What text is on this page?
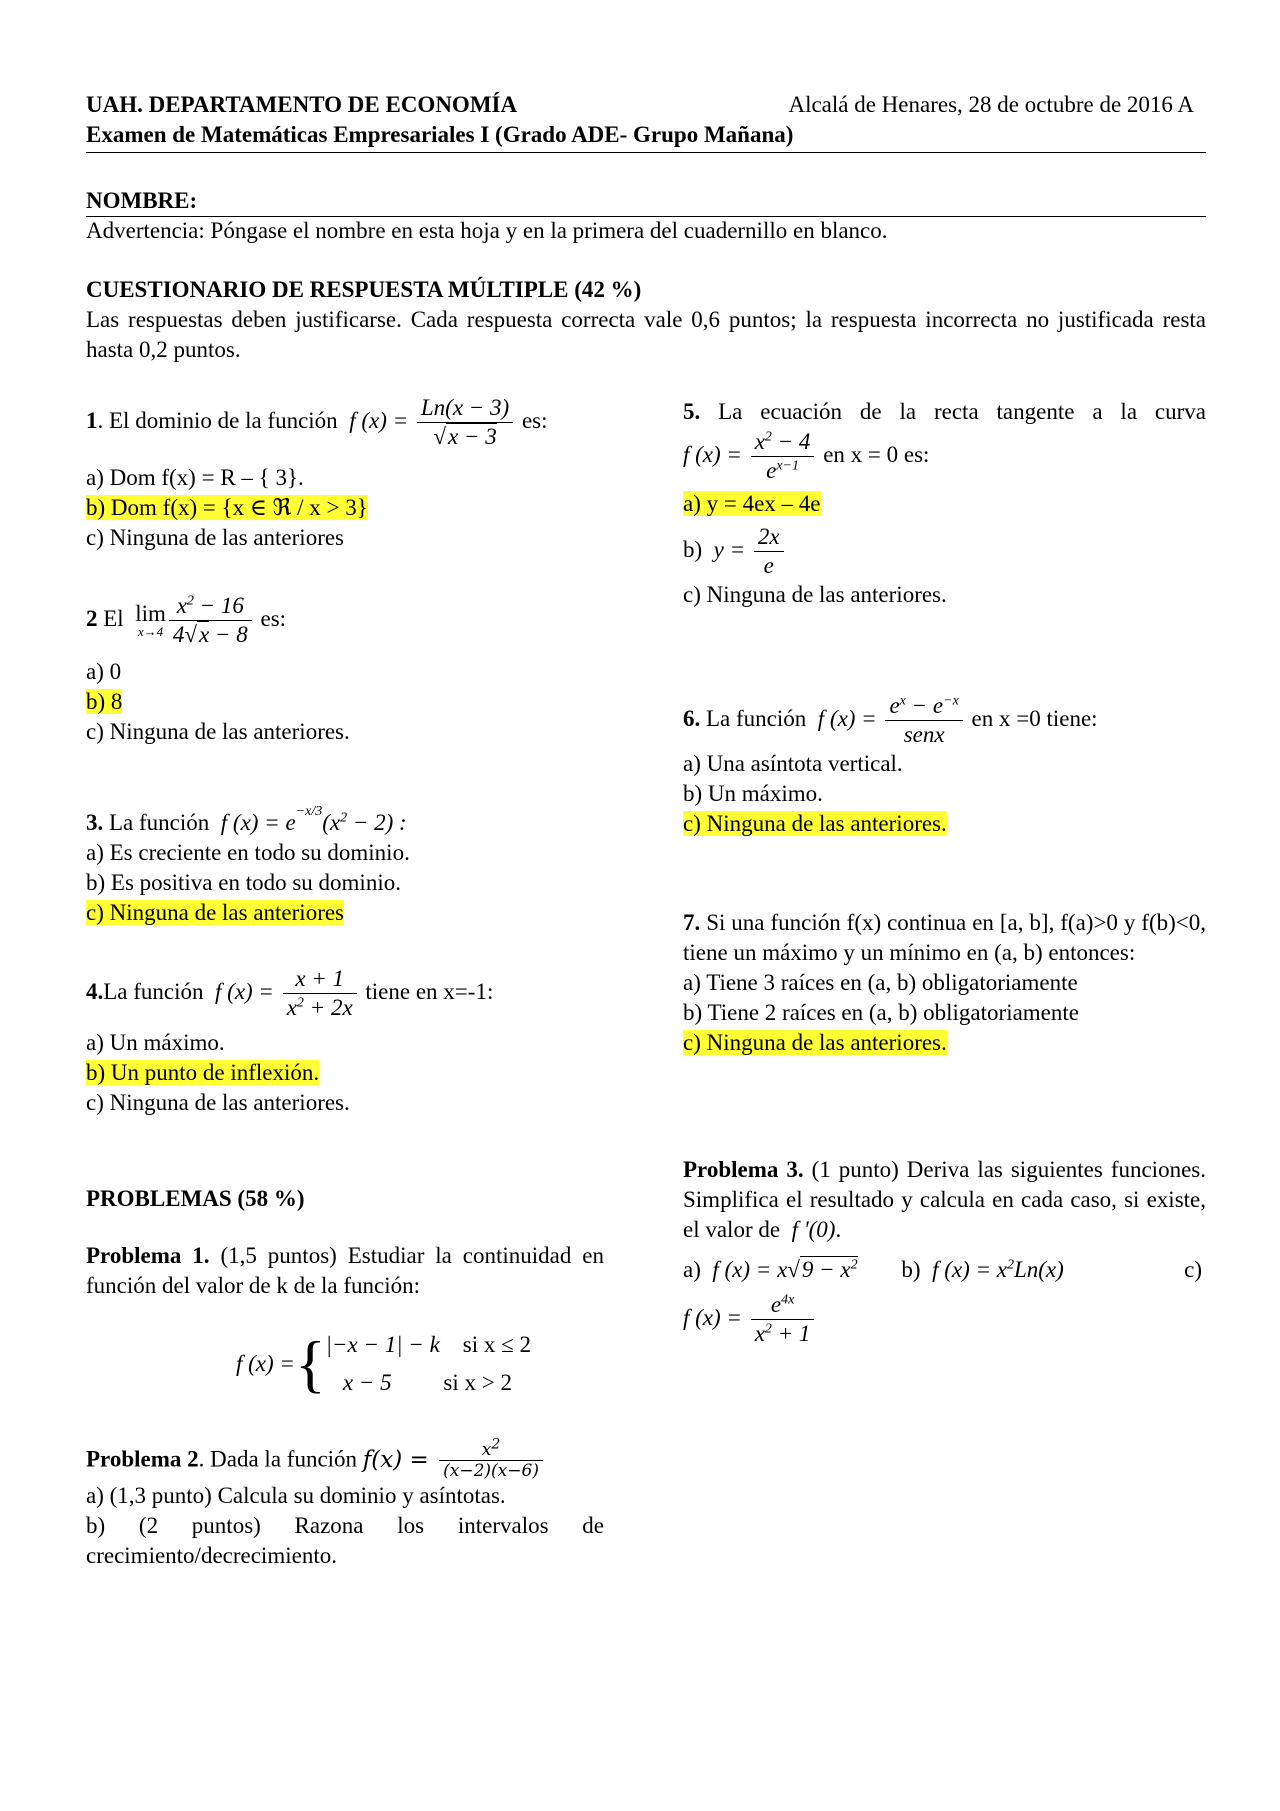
UAH. DEPARTAMENTO DE ECONOMÍA	Alcalá de Henares, 28 de octubre de 2016 A
Examen de Matemáticas Empresariales I (Grado ADE- Grupo Mañana)
NOMBRE:
Advertencia: Póngase el nombre en esta hoja y en la primera del cuadernillo en blanco.
CUESTIONARIO DE RESPUESTA MÚLTIPLE (42 %)
Las respuestas deben justificarse. Cada respuesta correcta vale 0,6 puntos; la respuesta incorrecta no justificada resta hasta 0,2 puntos.
1. El dominio de la función  f $(x) = \frac{Ln(x - 3)}{√x - 3}$ es:
a) Dom f(x) = R – { 3}.
b) Dom f(x) = {x ∈ ℜ / x > 3}
c) Ninguna de las anteriores
2 El lim
$x\to 4 \frac{x^2 - 16}{4√x - 8}$ es:
a) 0
b) 8
c) Ninguna de las anteriores.
3. La función  f $(x) = e^{-x/3}(x^2 - 2)$ :
a) Es creciente en todo su dominio.
b) Es positiva en todo su dominio.
c) Ninguna de las anteriores
4.La función  f $(x) = \frac{x + 1}{x^2 + 2x}$ tiene en x=-1:
a) Un máximo.
b) Un punto de inflexión.
c) Ninguna de las anteriores.
PROBLEMAS (58 %)
Problema 1. (1,5 puntos) Estudiar la continuidad en función del valor de k de la función:
f (x) ={ |−x − 1| − k    si x ≤ 2
x − 5         si x > 2
Problema 2. Dada la función $f(x) = \frac{x^2}{(x-2)(x-6)}$
a) (1,3 punto) Calcula su dominio y asíntotas.
b) (2 puntos) Razona los intervalos de crecimiento/decrecimiento.
5. La ecuación de la recta tangente a la curva
f $(x) = \frac{x^2 - 4}{e^{x-1}}$ en x = 0 es:
a) y = 4ex – 4e
b)  $y = \frac{2x}{e}$
c) Ninguna de las anteriores.
6. La función  f $(x) = \frac{e^x - e^{-x}}{\text{senx}}$ en x =0 tiene:
a) Una asíntota vertical.
b) Un máximo.
c) Ninguna de las anteriores.
7. Si una función f(x) continua en [a, b], f(a)>0 y f(b)<0, tiene un máximo y un mínimo en (a, b) entonces:
a) Tiene 3 raíces en (a, b) obligatoriamente
b) Tiene 2 raíces en (a, b) obligatoriamente
c) Ninguna de las anteriores.
Problema 3. (1 punto) Deriva las siguientes funciones. Simplifica el resultado y calcula en cada caso, si existe, el valor de  f '(0).
a)  f $(x) = x√9 - x^2$ b)  f $(x) = x^2Ln(x)$	c)
f $(x) = \frac{e^{4x}}{x^2 + 1}$
